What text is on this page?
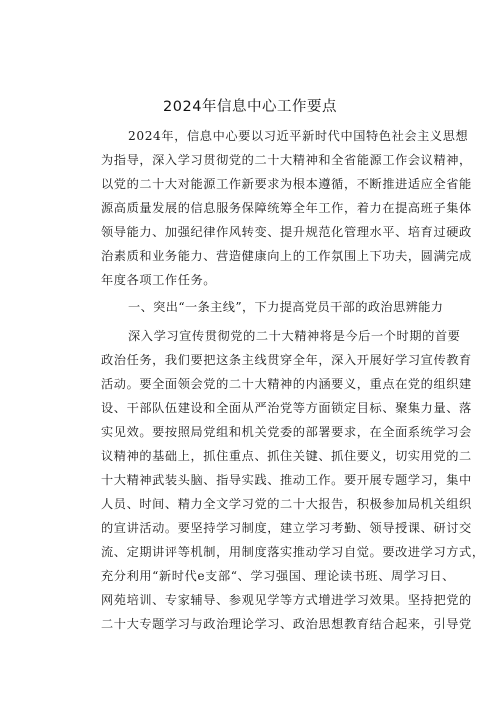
2024年信息中心工作要点
2024年，信息中心要以习近平新时代中国特色社会主义思想
为指导，深入学习贯彻党的二十大精神和全省能源工作会议精神，
以党的二十大对能源工作新要求为根本遵循，不断推进适应全省能
源高质量发展的信息服务保障统筹全年工作，着力在提高班子集体
领导能力、加强纪律作风转变、提升规范化管理水平、培育过硬政
治素质和业务能力、营造健康向上的工作氛围上下功夫，圆满完成
年度各项工作任务。
一、突出“一条主线”，下力提高党员干部的政治思辨能力
深入学习宣传贯彻党的二十大精神将是今后一个时期的首要
政治任务，我们要把这条主线贯穿全年，深入开展好学习宣传教育
活动。要全面领会党的二十大精神的内涵要义，重点在党的组织建
设、干部队伍建设和全面从严治党等方面锁定目标、聚集力量、落
实见效。要按照局党组和机关党委的部署要求，在全面系统学习会
议精神的基础上，抓住重点、抓住关键、抓住要义，切实用党的二
十大精神武装头脑、指导实践、推动工作。要开展专题学习，集中
人员、时间、精力全文学习党的二十大报告，积极参加局机关组织
的宣讲活动。要坚持学习制度，建立学习考勤、领导授课、研讨交
流、定期讲评等机制，用制度落实推动学习自觉。要改进学习方式，
充分利用“新时代e支部“、学习强国、理论读书班、周学习日、
网苑培训、专家辅导、参观见学等方式增进学习效果。坚持把党的
二十大专题学习与政治理论学习、政治思想教育结合起来，引导党
